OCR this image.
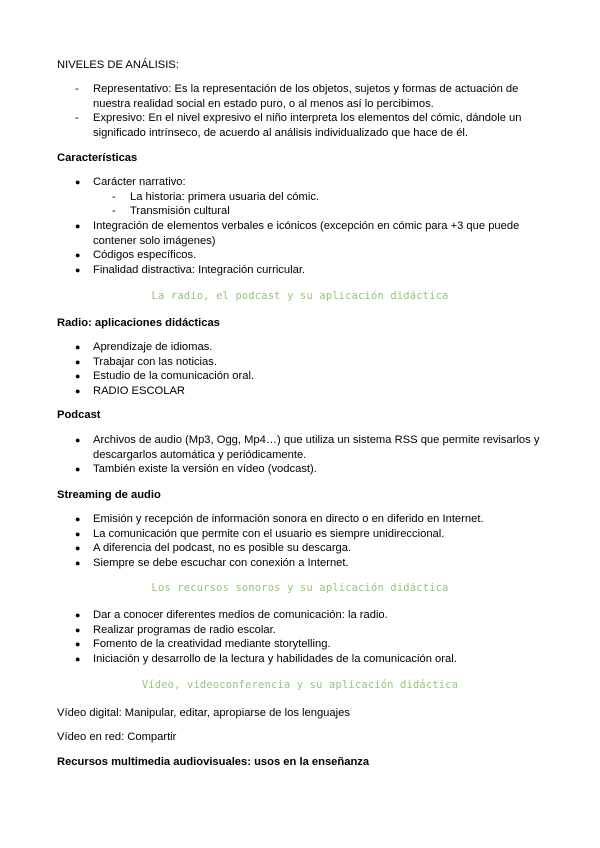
NIVELES DE ANÁLISIS:
- Representativo: Es la representación de los objetos, sujetos y formas de actuación de
nuestra realidad social en estado puro, o al menos así lo percibimos.
- Expresivo: En el nivel expresivo el niño interpreta los elementos del cómic, dándole un
significado intrínseco, de acuerdo al análisis individualizado que hace de él.
Características
● Carácter narrativo:
- La historia: primera usuaria del cómic.
- Transmisión cultural
● Integración de elementos verbales e icónicos (excepción en cómic para +3 que puede
contener solo imágenes)
● Códigos específicos.
● Finalidad distractiva: Integración curricular.
La radio, el podcast y su aplicación didáctica
Radio: aplicaciones didácticas
● Aprendizaje de idiomas.
● Trabajar con las noticias.
● Estudio de la comunicación oral.
● RADIO ESCOLAR
Podcast
● Archivos de audio (Mp3, Ogg, Mp4…) que utiliza un sistema RSS que permite revisarlos y
descargarlos automática y periódicamente.
● También existe la versión en vídeo (vodcast).
Streaming de audio
● Emisión y recepción de información sonora en directo o en diferido en Internet.
● La comunicación que permite con el usuario es siempre unidireccional.
● A diferencia del podcast, no es posible su descarga.
● Siempre se debe escuchar con conexión a Internet.
Los recursos sonoros y su aplicación didáctica
● Dar a conocer diferentes medios de comunicación: la radio.
● Realizar programas de radio escolar.
● Fomento de la creatividad mediante storytelling.
● Iniciación y desarrollo de la lectura y habilidades de la comunicación oral.
Vídeo, videoconferencia y su aplicación didáctica
Vídeo digital: Manipular, editar, apropiarse de los lenguajes
Vídeo en red: Compartir
Recursos multimedia audiovisuales: usos en la enseñanza
